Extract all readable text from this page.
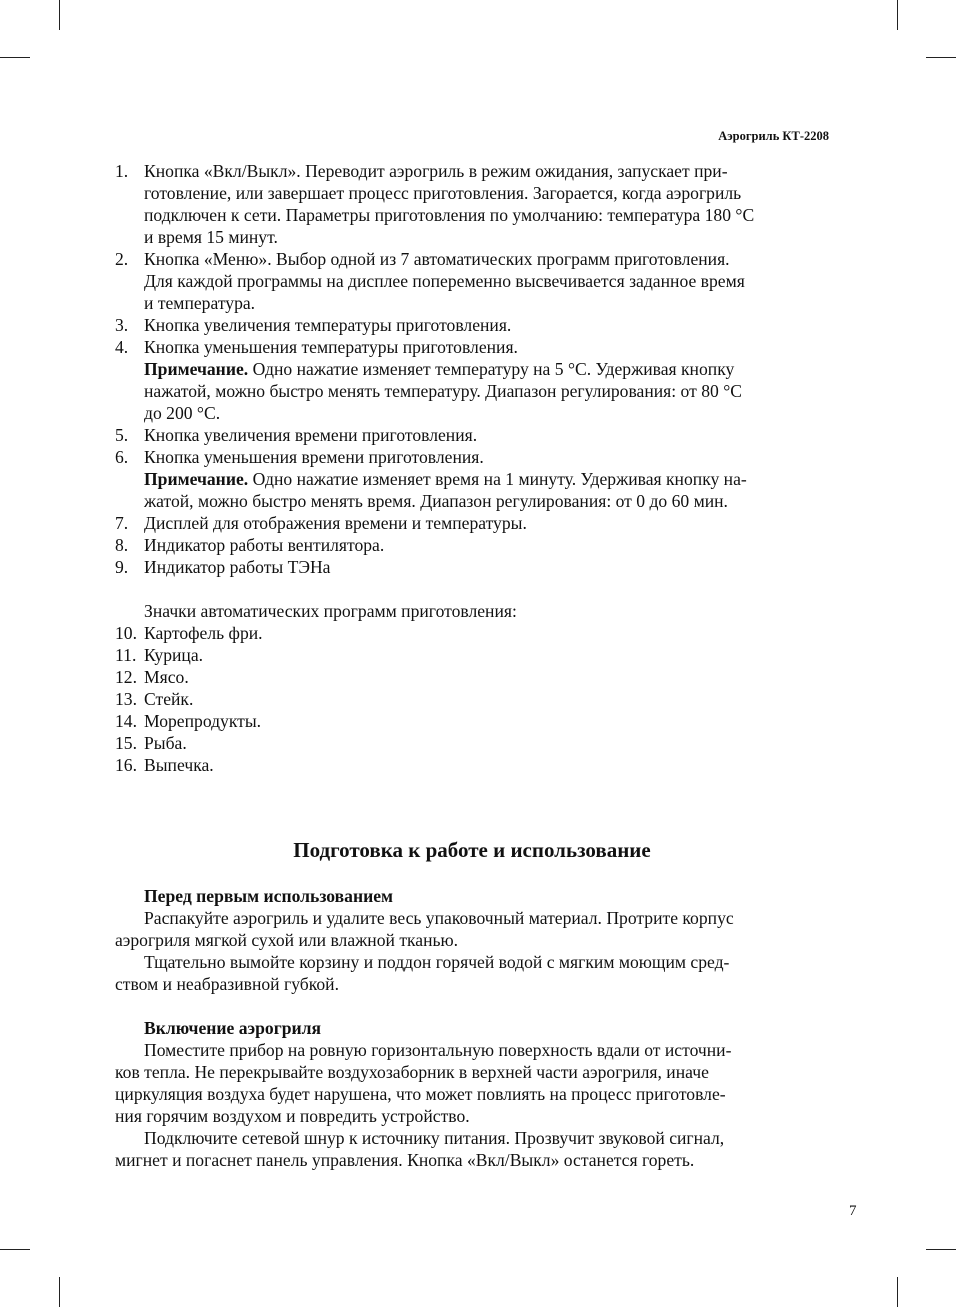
Аэрогриль КТ-2208
1. Кнопка «Вкл/Выкл». Переводит аэрогриль в режим ожидания, запускает при-
готовление, или завершает процесс приготовления. Загорается, когда аэрогриль
подключен к сети. Параметры приготовления по умолчанию: температура 180 °C
и время 15 минут.
2. Кнопка «Меню». Выбор одной из 7 автоматических программ приготовления.
Для каждой программы на дисплее попеременно высвечивается заданное время
и температура.
3. Кнопка увеличения температуры приготовления.
4. Кнопка уменьшения температуры приготовления.
Примечание. Одно нажатие изменяет температуру на 5 °C. Удерживая кнопку
нажатой, можно быстро менять температуру. Диапазон регулирования: от 80 °C
до 200 °C.
5. Кнопка увеличения времени приготовления.
6. Кнопка уменьшения времени приготовления.
Примечание. Одно нажатие изменяет время на 1 минуту. Удерживая кнопку на-
жатой, можно быстро менять время. Диапазон регулирования: от 0 до 60 мин.
7. Дисплей для отображения времени и температуры.
8. Индикатор работы вентилятора.
9. Индикатор работы ТЭНа
Значки автоматических программ приготовления:
10. Картофель фри.
11. Курица.
12. Мясо.
13. Стейк.
14. Морепродукты.
15. Рыба.
16. Выпечка.
Перед первым использованием
Распакуйте аэрогриль и удалите весь упаковочный материал. Протрите корпус
аэрогриля мягкой сухой или влажной тканью.
Тщательно вымойте корзину и поддон горячей водой с мягким моющим сред-
ством и неабразивной губкой.
Включение аэрогриля
Поместите прибор на ровную горизонтальную поверхность вдали от источни-
ков тепла. Не перекрывайте воздухозаборник в верхней части аэрогриля, иначе
циркуляция воздуха будет нарушена, что может повлиять на процесс приготовле-
ния горячим воздухом и повредить устройство.
Подключите сетевой шнур к источнику питания. Прозвучит звуковой сигнал,
мигнет и погаснет панель управления. Кнопка «Вкл/Выкл» останется гореть.
Подготовка к работе и использование
7
